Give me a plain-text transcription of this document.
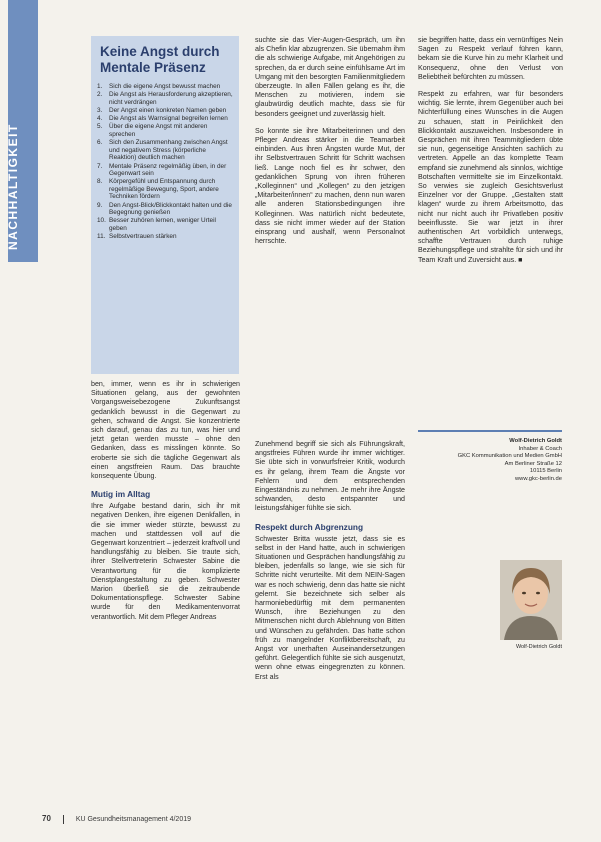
NACHHALTIGKEIT
Keine Angst durch Mentale Präsenz
1.	Sich die eigene Angst bewusst machen
2.	Die Angst als Herausforderung akzeptieren, nicht verdrängen
3.	Der Angst einen konkreten Namen geben
4.	Die Angst als Warnsignal begreifen lernen
5.	Über die eigene Angst mit anderen sprechen
6.	Sich den Zusammenhang zwischen Angst und negativem Stress (körperliche Reaktion) deutlich machen
7.	Mentale Präsenz regelmäßig üben, in der Gegenwart sein
8.	Körpergefühl und Entspannung durch regelmäßige Bewegung, Sport, andere Techniken fördern
9.	Den Angst-Blick/Blickkontakt halten und die Begegnung genießen
10. Besser zuhören lernen, weniger Urteil geben
11. Selbstvertrauen stärken

ben, immer, wenn es ihr in schwierigen Situationen gelang, aus der gewohnten Vorgangsweisebezogene Zukunftsangst gedanklich bewusst in die Gegenwart zu gehen, schwand die Angst. Sie konzentrierte sich darauf, genau das zu tun, was hier und jetzt getan werden musste – ohne den Gedanken, dass es misslingen könnte. So eroberte sie sich die tägliche Gegenwart als einen angstfreien Raum. Das brauchte konsequente Übung.

Mutig im Alltag

Ihre Aufgabe bestand darin, sich ihr mit negativen Denken, ihre eigenen Denkfallen, in die sie immer wieder stürzte, bewusst zu machen und stattdessen voll auf die Gegenwart konzentriert – jederzeit kraftvoll und handlungsfähig zu bleiben. Sie traute sich, ihrer Stellvertreterin Schwester Sabine die Verantwortung für die komplizierte Dienstplangestaltung zu geben. Schwester Marion überließ sie die zeitraubende Dokumentationspflege. Schwester Sabine wurde für den Medikamentenvorrat verantwortlich. Mit dem Pfleger Andreas

suchte sie das Vier-Augen-Gespräch, um ihn als Chefin klar abzugrenzen. Sie übernahm ihm die als schwierige Aufgabe, mit Angehörigen zu sprechen, da er durch seine einfühlsame Art im Umgang mit den besorgten Familienmitgliedern überzeugte. In allen Fällen gelang es ihr, die Menschen zu motivieren, indem sie glaubwürdig deutlich machte, dass sie für besonders geeignet und zuverlässig hielt.

So konnte sie ihre Mitarbeiterinnen und den Pfleger Andreas stärker in die Teamarbeit einbinden. Aus ihren Ängsten wurde Mut, der ihr Selbstvertrauen Schritt für Schritt wachsen ließ. Lange noch fiel es ihr schwer, den gedanklichen Sprung von ihren früheren „Kolleginnen“ und „Kollegen“ zu den jetzigen „Mitarbeiter/innen“ zu machen, denn nun waren alle anderen Stationsbedingungen ihre Kolleginnen. Was natürlich nicht bedeutete, dass sie nicht immer wieder auf der Station einsprang und aushalf, wenn Personalnot herrschte.

Zunehmend begriff sie sich als Führungskraft, angstfreies Führen wurde ihr immer wichtiger. Sie übte sich in vorwurfsfreier Kritik, wodurch es ihr gelang, ihrem Team die Ängste vor Fehlern und dem entsprechenden Eingeständnis zu nehmen. Je mehr ihre Ängste schwanden, desto entspannter und leistungsfähiger fühlte sie sich.

Respekt durch Abgrenzung

Schwester Britta wusste jetzt, dass sie es selbst in der Hand hatte, auch in schwierigen Situationen und Gesprächen handlungsfähig zu bleiben, jedenfalls so lange, wie sie sich für Schritte nicht verurteilte. Mit dem NEIN-Sagen war es noch schwierig, denn das hatte sie nicht gelernt. Sie bezeichnete sich selber als harmoniebedürftig mit dem permanenten Wunsch, ihre Beziehungen zu den Mitmenschen nicht durch Ablehnung von Bitten und Wünschen zu gefährden. Das hatte schon früh zu mangelnder Konfliktbereitschaft, zu Angst vor unerhaften Auseinandersetzungen geführt. Gelegentlich fühlte sie sich ausgenutzt, wenn ohne etwas eingegrenzten zu können. Erst als

sie begriffen hatte, dass ein vernünftiges Nein Sagen zu Respekt verlauf führen kann, bekam sie die Kurve hin zu mehr Klarheit und Konsequenz, ohne den Verlust von Beliebtheit befürchten zu müssen.

Respekt zu erfahren, war für besonders wichtig. Sie lernte, ihrem Gegenüber auch bei Nichterfüllung eines Wunsches in die Augen zu schauen, statt in Peinlichkeit den Blickkontakt auszuweichen. Insbesondere in Gesprächen mit ihren Teammitgliedern übte sie nun, gegenseitige Ansichten sachlich zu vertreten. Appelle an das komplette Team empfand sie zunehmend als sinnlos, wichtige Botschaften vermittelte sie im Einzelkontakt. So verwies sie zugleich Gesichtsverlust Einzelner vor der Gruppe. „Gestalten statt klagen“ wurde zu ihrem Arbeitsmotto, das nicht nur nicht auch ihr Privatleben positiv beeinflusste. Sie war jetzt in ihrer authentischen Art vorbildlich unterwegs, schaffte Vertrauen durch ruhige Beziehungspflege und strahlte für sich und ihr Team Kraft und Zuversicht aus. ■

Wolf-Dietrich Goldt
Inhaber & Coach
GKC Kommunikation und Medien GmbH
Am Berliner Straße 12
10115 Berlin
www.gkc-berlin.de
Wolf-Dietrich Goldt
70	KU Gesundheitsmanagement 4/2019
